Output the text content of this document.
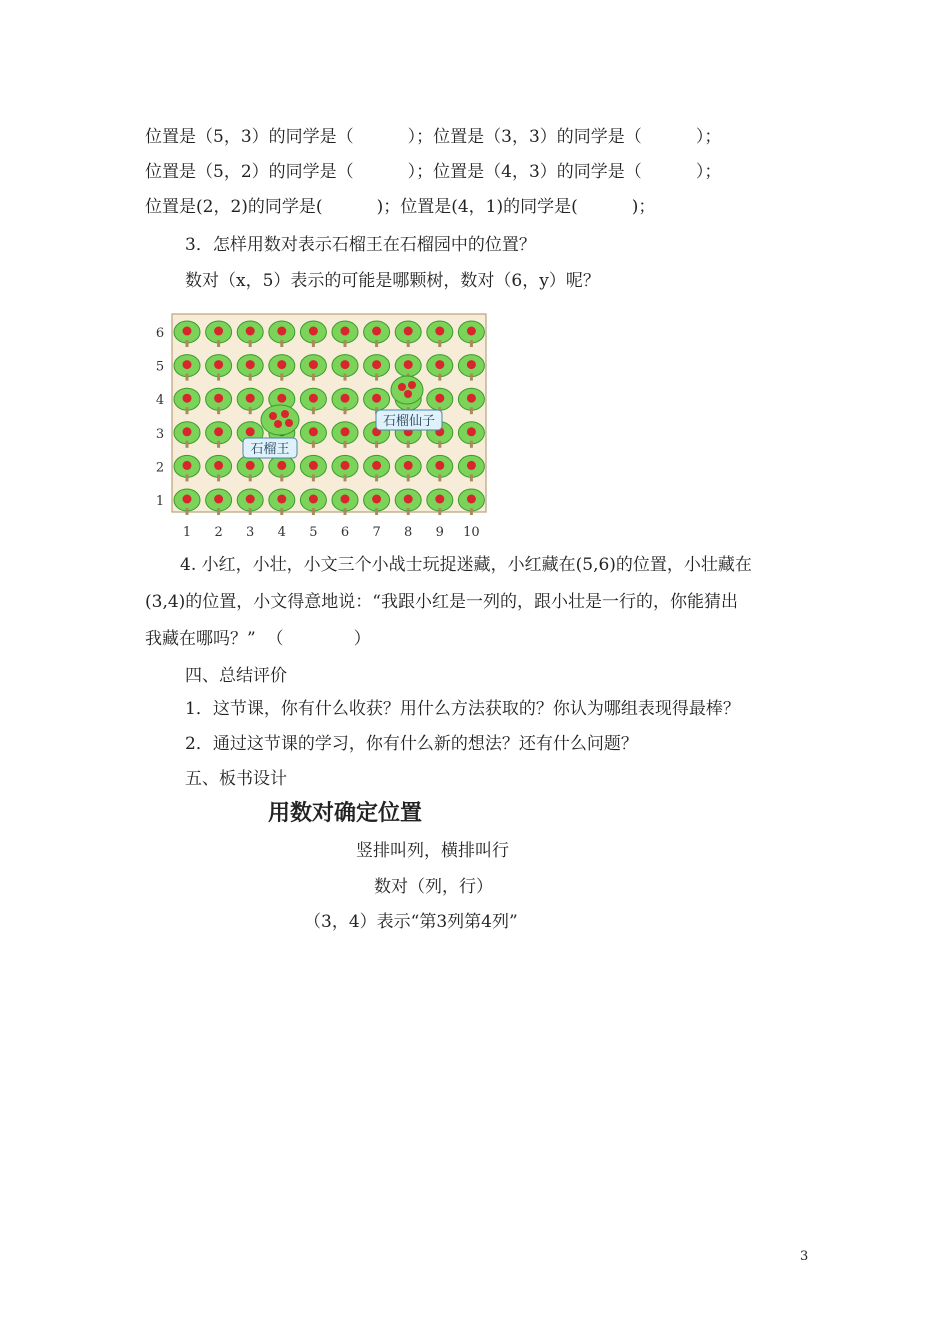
位置是（5，3）的同学是（          ）；位置是（3，3）的同学是（          ）；
位置是（5，2）的同学是（          ）；位置是（4，3）的同学是（          ）；
位置是(2，2)的同学是(          )；位置是(4，1)的同学是(          )；
3．怎样用数对表示石榴王在石榴园中的位置？
数对（x，5）表示的可能是哪颗树，数对（6，y）呢？
6
5
4
3
2
1
1 2 3 4 5 6 7 8 9 10
石榴王
石榴仙子
4. 小红，小壮，小文三个小战士玩捉迷藏，小红藏在(5,6)的位置，小壮藏在
(3,4)的位置，小文得意地说：“我跟小红是一列的，跟小壮是一行的，你能猜出
我藏在哪吗？”  （             ）
四、总结评价
1．这节课，你有什么收获？用什么方法获取的？你认为哪组表现得最棒？
2．通过这节课的学习，你有什么新的想法？还有什么问题？
五、板书设计
用数对确定位置
竖排叫列，横排叫行
数对（列，行）
（3，4）表示“第3列第4列”
3
